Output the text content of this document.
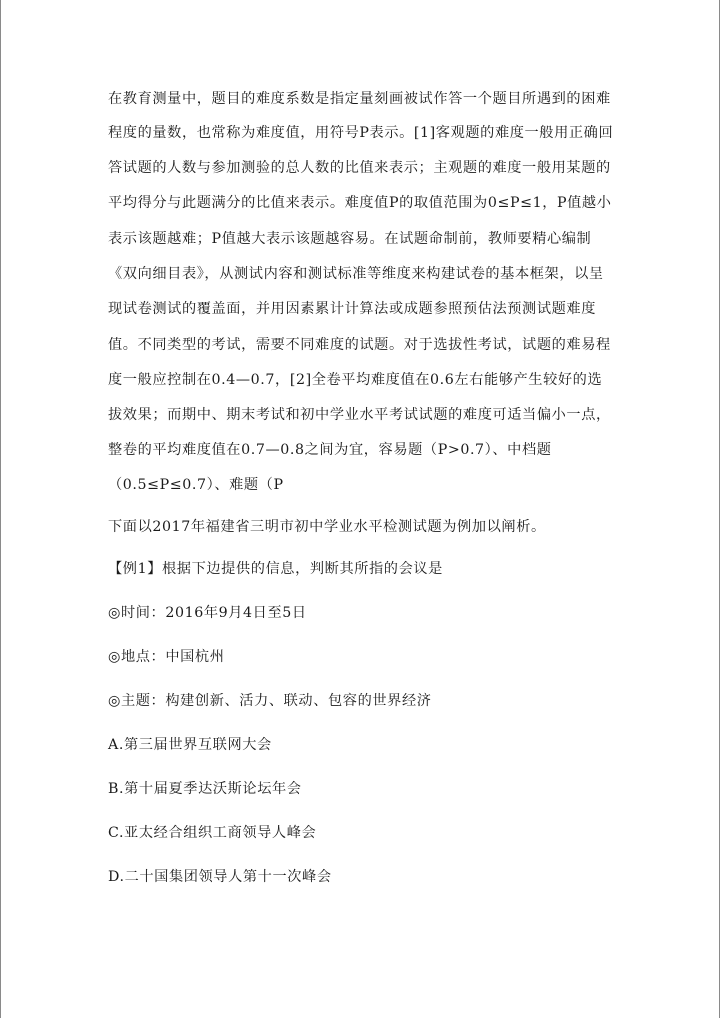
在教育测量中，题目的难度系数是指定量刻画被试作答一个题目所遇到的困难
程度的量数，也常称为难度值，用符号P表示。[1]客观题的难度一般用正确回
答试题的人数与参加测验的总人数的比值来表示；主观题的难度一般用某题的
平均得分与此题满分的比值来表示。难度值P的取值范围为0≤P≤1，P值越小
表示该题越难；P值越大表示该题越容易。在试题命制前，教师要精心编制
《双向细目表》，从测试内容和测试标准等维度来构建试卷的基本框架，以呈
现试卷测试的覆盖面，并用因素累计计算法或成题参照预估法预测试题难度
值。不同类型的考试，需要不同难度的试题。对于选拔性考试，试题的难易程
度一般应控制在0.4—0.7，[2]全卷平均难度值在0.6左右能够产生较好的选
拔效果；而期中、期末考试和初中学业水平考试试题的难度可适当偏小一点，
整卷的平均难度值在0.7—0.8之间为宜，容易题（P>0.7）、中档题
（0.5≤P≤0.7）、难题（P
下面以2017年福建省三明市初中学业水平检测试题为例加以阐析。
【例1】根据下边提供的信息，判断其所指的会议是
◎时间：2016年9月4日至5日
◎地点：中国杭州
◎主题：构建创新、活力、联动、包容的世界经济
A.第三届世界互联网大会
B.第十届夏季达沃斯论坛年会
C.亚太经合组织工商领导人峰会
D.二十国集团领导人第十一次峰会
